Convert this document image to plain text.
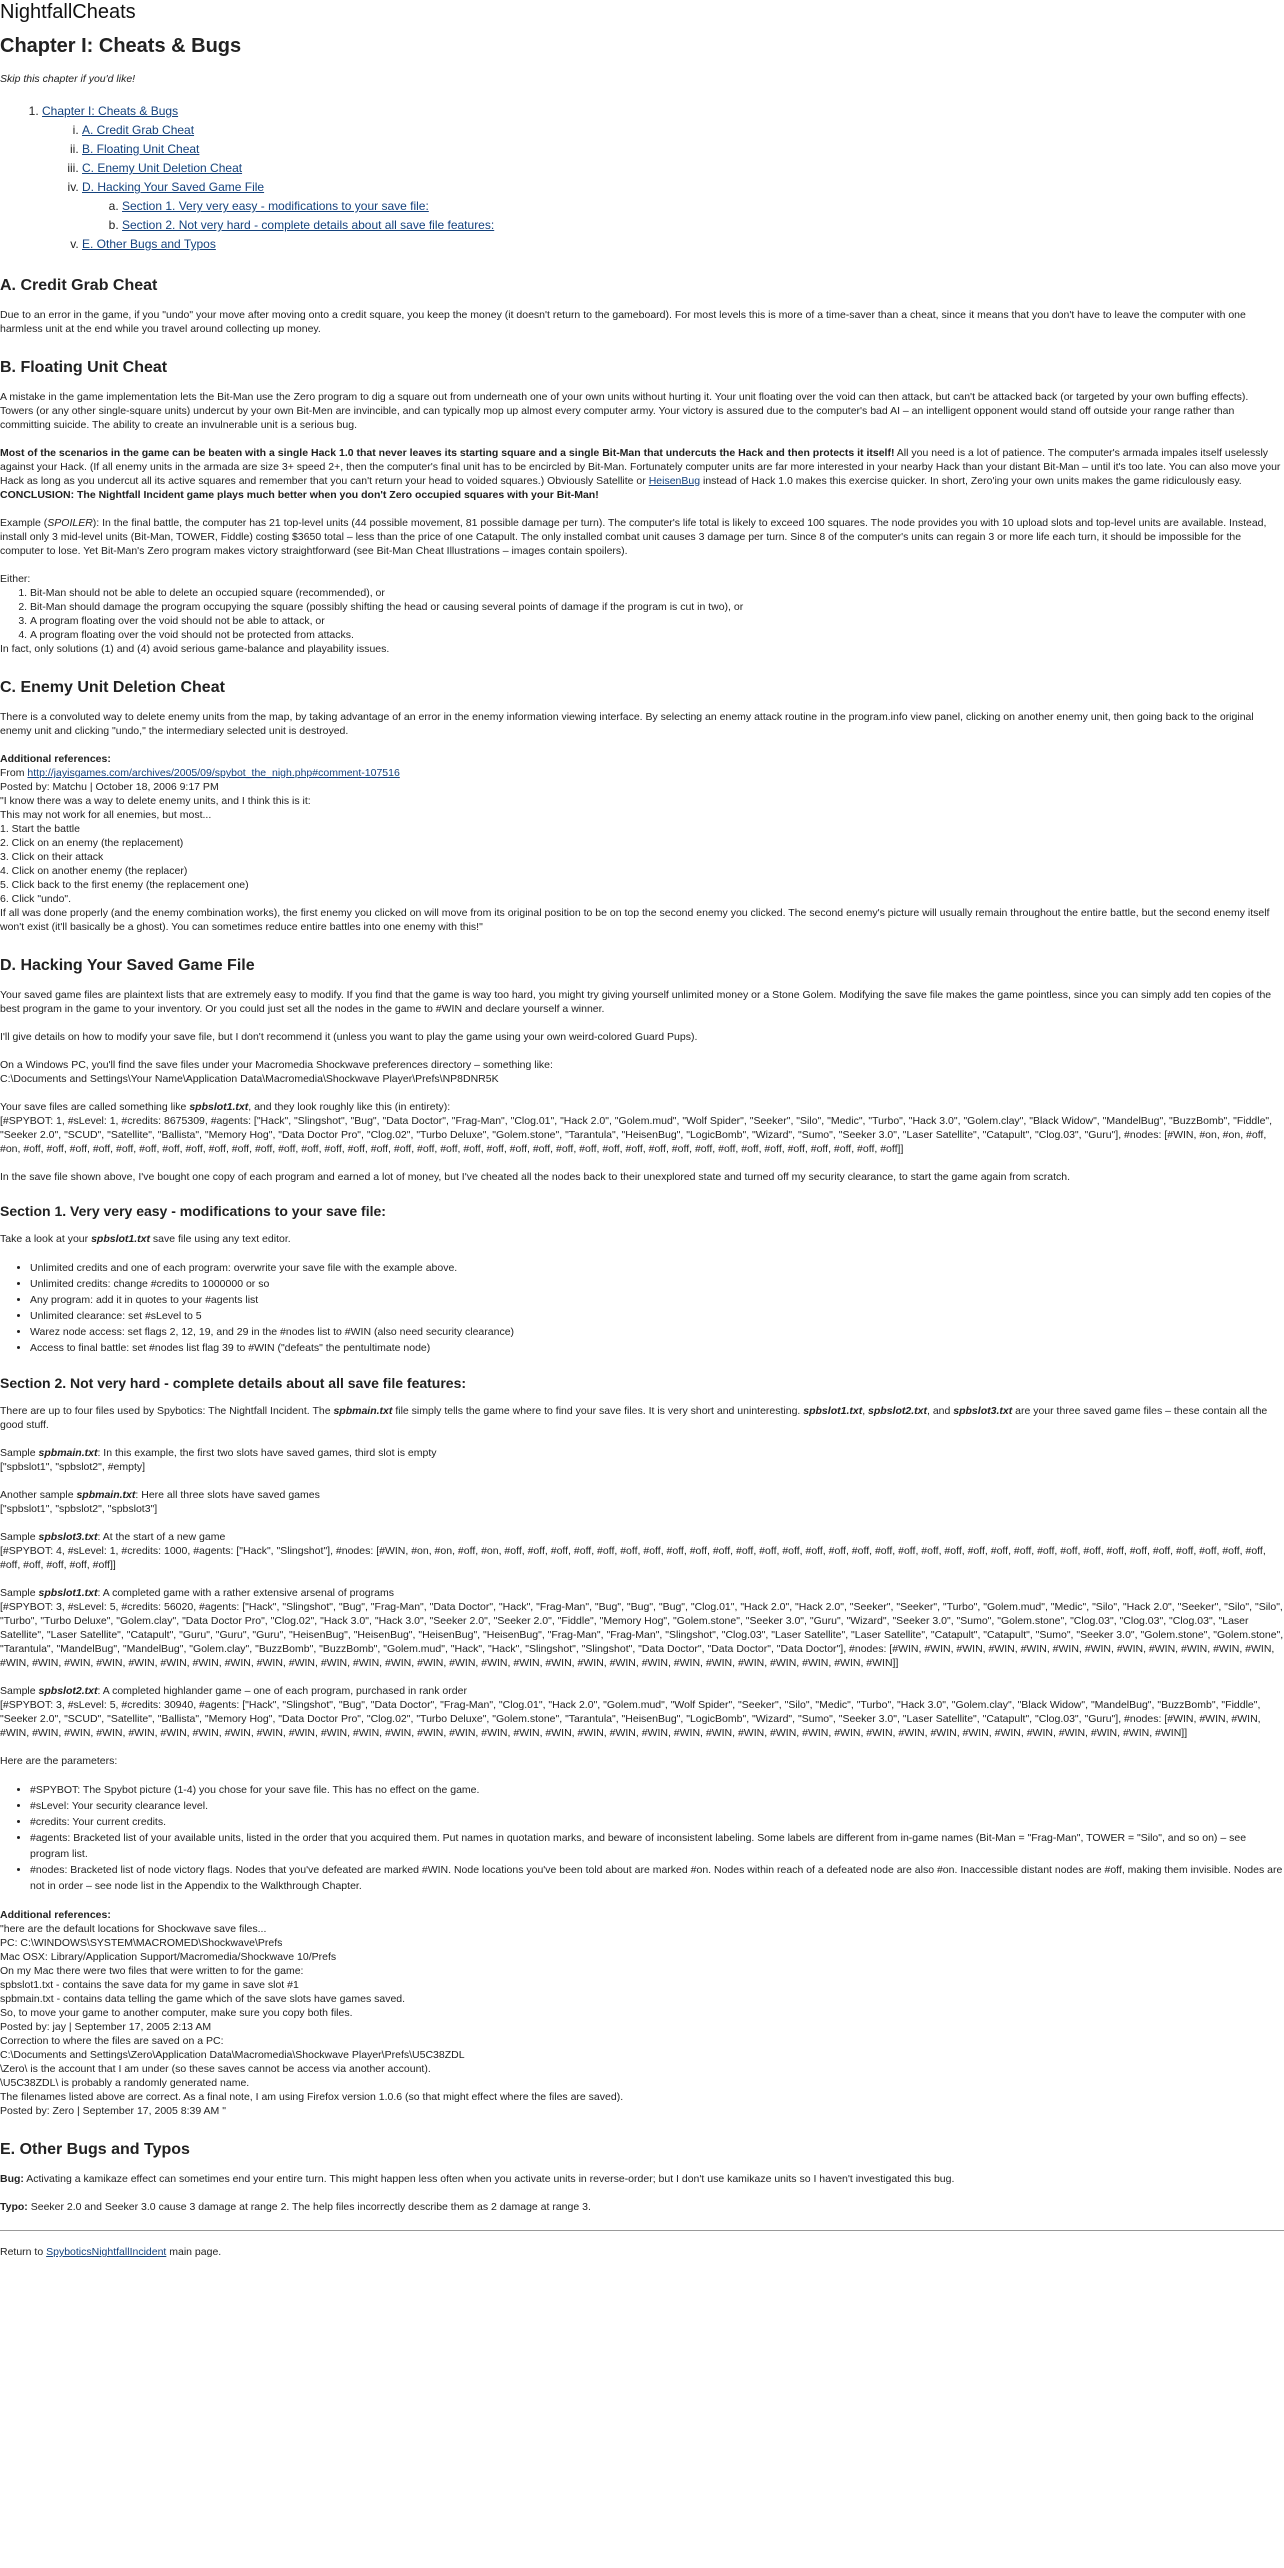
NightfallCheats
Chapter I: Cheats & Bugs

Skip this chapter if you'd like!

1. Chapter I: Cheats & Bugs
i. A. Credit Grab Cheat
ii. B. Floating Unit Cheat
iii. C. Enemy Unit Deletion Cheat
iv. D. Hacking Your Saved Game File
a. Section 1. Very very easy - modifications to your save file:
b. Section 2. Not very hard - complete details about all save file features:
v. E. Other Bugs and Typos
A. Credit Grab Cheat

Due to an error in the game, if you "undo" your move after moving onto a credit square, you keep the money (it doesn't return to the gameboard). For most levels this is more of a time-saver than a cheat, since it means that you don't have to leave the computer with one harmless unit at the end while you travel around collecting up money.

B. Floating Unit Cheat

A mistake in the game implementation lets the Bit-Man use the Zero program to dig a square out from underneath one of your own units without hurting it. Your unit floating over the void can then attack, but can't be attacked back (or targeted by your own buffing effects). Towers (or any other single-square units) undercut by your own Bit-Men are invincible, and can typically mop up almost every computer army. Your victory is assured due to the computer's bad AI – an intelligent opponent would stand off outside your range rather than committing suicide. The ability to create an invulnerable unit is a serious bug.

Most of the scenarios in the game can be beaten with a single Hack 1.0 that never leaves its starting square and a single Bit-Man that undercuts the Hack and then protects it itself! All you need is a lot of patience. The computer's armada impales itself uselessly against your Hack. (If all enemy units in the armada are size 3+ speed 2+, then the computer's final unit has to be encircled by Bit-Man. Fortunately computer units are far more interested in your nearby Hack than your distant Bit-Man – until it's too late. You can also move your Hack as long as you undercut all its active squares and remember that you can't return your head to voided squares.) Obviously Satellite or HeisenBug instead of Hack 1.0 makes this exercise quicker. In short, Zero'ing your own units makes the game ridiculously easy. CONCLUSION: The Nightfall Incident game plays much better when you don't Zero occupied squares with your Bit-Man!

Example (SPOILER): In the final battle, the computer has 21 top-level units (44 possible movement, 81 possible damage per turn). The computer's life total is likely to exceed 100 squares. The node provides you with 10 upload slots and top-level units are available. Instead, install only 3 mid-level units (Bit-Man, TOWER, Fiddle) costing $3650 total – less than the price of one Catapult. The only installed combat unit causes 3 damage per turn. Since 8 of the computer's units can regain 3 or more life each turn, it should be impossible for the computer to lose. Yet Bit-Man's Zero program makes victory straightforward (see Bit-Man Cheat Illustrations – images contain spoilers).

Either:
1. Bit-Man should not be able to delete an occupied square (recommended), or
2. Bit-Man should damage the program occupying the square (possibly shifting the head or causing several points of damage if the program is cut in two), or
3. A program floating over the void should not be able to attack, or
4. A program floating over the void should not be protected from attacks.
In fact, only solutions (1) and (4) avoid serious game-balance and playability issues.
C. Enemy Unit Deletion Cheat

There is a convoluted way to delete enemy units from the map, by taking advantage of an error in the enemy information viewing interface. By selecting an enemy attack routine in the program.info view panel, clicking on another enemy unit, then going back to the original enemy unit and clicking "undo," the intermediary selected unit is destroyed.

Additional references:
From http://jayisgames.com/archives/2005/09/spybot_the_nigh.php#comment-107516
Posted by: Matchu | October 18, 2006 9:17 PM
"I know there was a way to delete enemy units, and I think this is it:
This may not work for all enemies, but most...
1. Start the battle
2. Click on an enemy (the replacement)
3. Click on their attack
4. Click on another enemy (the replacer)
5. Click back to the first enemy (the replacement one)
6. Click "undo".
If all was done properly (and the enemy combination works), the first enemy you clicked on will move from its original position to be on top the second enemy you clicked. The second enemy's picture will usually remain throughout the entire battle, but the second enemy itself won't exist (it'll basically be a ghost). You can sometimes reduce entire battles into one enemy with this!"
D. Hacking Your Saved Game File

Your saved game files are plaintext lists that are extremely easy to modify. If you find that the game is way too hard, you might try giving yourself unlimited money or a Stone Golem. Modifying the save file makes the game pointless, since you can simply add ten copies of the best program in the game to your inventory. Or you could just set all the nodes in the game to #WIN and declare yourself a winner.

I'll give details on how to modify your save file, but I don't recommend it (unless you want to play the game using your own weird-colored Guard Pups).

On a Windows PC, you'll find the save files under your Macromedia Shockwave preferences directory – something like:
C:\Documents and Settings\Your Name\Application Data\Macromedia\Shockwave Player\Prefs\NP8DNR5K
Your save files are called something like spbslot1.txt, and they look roughly like this (in entirety):
[#SPYBOT: 1, #sLevel: 1, #credits: 8675309, #agents: ["Hack", "Slingshot", "Bug", "Data Doctor", "Frag-Man", "Clog.01", "Hack 2.0", "Golem.mud", "Wolf Spider", "Seeker", "Silo", "Medic", "Turbo", "Hack 3.0", "Golem.clay", "Black Widow", "MandelBug", "BuzzBomb", "Fiddle", "Seeker 2.0", "SCUD", "Satellite", "Ballista", "Memory Hog", "Data Doctor Pro", "Clog.02", "Turbo Deluxe", "Golem.stone", "Tarantula", "HeisenBug", "LogicBomb", "Wizard", "Sumo", "Seeker 3.0", "Laser Satellite", "Catapult", "Clog.03", "Guru"], #nodes: [#WIN, #on, #on, #off, #on, #off, #off, #off, #off, #off, #off, #off, #off, #off, #off, #off, #off, #off, #off, #off, #off, #off, #off, #off, #off, #off, #off, #off, #off, #off, #off, #off, #off, #off, #off, #off, #off, #off, #off, #off, #off, #off, #off]]

In the save file shown above, I've bought one copy of each program and earned a lot of money, but I've cheated all the nodes back to their unexplored state and turned off my security clearance, to start the game again from scratch.

Section 1. Very very easy - modifications to your save file:

Take a look at your spbslot1.txt save file using any text editor.

• Unlimited credits and one of each program: overwrite your save file with the example above.
• Unlimited credits: change #credits to 1000000 or so
• Any program: add it in quotes to your #agents list
• Unlimited clearance: set #sLevel to 5
• Warez node access: set flags 2, 12, 19, and 29 in the #nodes list to #WIN (also need security clearance)
• Access to final battle: set #nodes list flag 39 to #WIN ("defeats" the pentultimate node)
Section 2. Not very hard - complete details about all save file features:

There are up to four files used by Spybotics: The Nightfall Incident. The spbmain.txt file simply tells the game where to find your save files. It is very short and uninteresting. spbslot1.txt, spbslot2.txt, and spbslot3.txt are your three saved game files – these contain all the good stuff.

Sample spbmain.txt: In this example, the first two slots have saved games, third slot is empty
["spbslot1", "spbslot2", #empty]
Another sample spbmain.txt: Here all three slots have saved games
["spbslot1", "spbslot2", "spbslot3"]
Sample spbslot3.txt: At the start of a new game
[#SPYBOT: 4, #sLevel: 1, #credits: 1000, #agents: ["Hack", "Slingshot"], #nodes: [#WIN, #on, #on, #off, #on, #off, #off, #off, #off, #off, #off, #off, #off, #off, #off, #off, #off, #off, #off, #off, #off, #off, #off, #off, #off, #off, #off, #off, #off, #off, #off, #off, #off, #off, #off, #off, #off, #off, #off, #off, #off, #off, #off]]
Sample spbslot1.txt: A completed game with a rather extensive arsenal of programs
[#SPYBOT: 3, #sLevel: 5, #credits: 56020, #agents: ["Hack", "Slingshot", "Bug", "Frag-Man", "Data Doctor", "Hack", "Frag-Man", "Bug", "Bug", "Bug", "Clog.01", "Hack 2.0", "Hack 2.0", "Seeker", "Seeker", "Turbo", "Golem.mud", "Medic", "Silo", "Hack 2.0", "Seeker", "Silo", "Silo", "Turbo", "Turbo Deluxe", "Golem.clay", "Data Doctor Pro", "Clog.02", "Hack 3.0", "Hack 3.0", "Seeker 2.0", "Seeker 2.0", "Fiddle", "Memory Hog", "Golem.stone", "Seeker 3.0", "Guru", "Wizard", "Seeker 3.0", "Sumo", "Golem.stone", "Clog.03", "Clog.03", "Clog.03", "Laser Satellite", "Laser Satellite", "Catapult", "Guru", "Guru", "Guru", "HeisenBug", "HeisenBug", "HeisenBug", "HeisenBug", "Frag-Man", "Frag-Man", "Slingshot", "Clog.03", "Laser Satellite", "Laser Satellite", "Catapult", "Catapult", "Sumo", "Seeker 3.0", "Golem.stone", "Golem.stone", "Tarantula", "MandelBug", "MandelBug", "Golem.clay", "BuzzBomb", "BuzzBomb", "Golem.mud", "Hack", "Hack", "Slingshot", "Slingshot", "Data Doctor", "Data Doctor", "Data Doctor"], #nodes: [#WIN, #WIN, #WIN, #WIN, #WIN, #WIN, #WIN, #WIN, #WIN, #WIN, #WIN, #WIN, #WIN, #WIN, #WIN, #WIN, #WIN, #WIN, #WIN, #WIN, #WIN, #WIN, #WIN, #WIN, #WIN, #WIN, #WIN, #WIN, #WIN, #WIN, #WIN, #WIN, #WIN, #WIN, #WIN, #WIN, #WIN, #WIN, #WIN, #WIN]]
Sample spbslot2.txt: A completed highlander game – one of each program, purchased in rank order
[#SPYBOT: 3, #sLevel: 5, #credits: 30940, #agents: ["Hack", "Slingshot", "Bug", "Data Doctor", "Frag-Man", "Clog.01", "Hack 2.0", "Golem.mud", "Wolf Spider", "Seeker", "Silo", "Medic", "Turbo", "Hack 3.0", "Golem.clay", "Black Widow", "MandelBug", "BuzzBomb", "Fiddle", "Seeker 2.0", "SCUD", "Satellite", "Ballista", "Memory Hog", "Data Doctor Pro", "Clog.02", "Turbo Deluxe", "Golem.stone", "Tarantula", "HeisenBug", "LogicBomb", "Wizard", "Sumo", "Seeker 3.0", "Laser Satellite", "Catapult", "Clog.03", "Guru"], #nodes: [#WIN, #WIN, #WIN, #WIN, #WIN, #WIN, #WIN, #WIN, #WIN, #WIN, #WIN, #WIN, #WIN, #WIN, #WIN, #WIN, #WIN, #WIN, #WIN, #WIN, #WIN, #WIN, #WIN, #WIN, #WIN, #WIN, #WIN, #WIN, #WIN, #WIN, #WIN, #WIN, #WIN, #WIN, #WIN, #WIN, #WIN, #WIN, #WIN, #WIN]]

Here are the parameters:

• #SPYBOT: The Spybot picture (1-4) you chose for your save file. This has no effect on the game.
• #sLevel: Your security clearance level.
• #credits: Your current credits.
• #agents: Bracketed list of your available units, listed in the order that you acquired them. Put names in quotation marks, and beware of inconsistent labeling. Some labels are different from in-game names (Bit-Man = "Frag-Man", TOWER = "Silo", and so on) – see program list.
• #nodes: Bracketed list of node victory flags. Nodes that you've defeated are marked #WIN. Node locations you've been told about are marked #on. Nodes within reach of a defeated node are also #on. Inaccessible distant nodes are #off, making them invisible. Nodes are not in order – see node list in the Appendix to the Walkthrough Chapter.
Additional references:
"here are the default locations for Shockwave save files...
PC: C:\WINDOWS\SYSTEM\MACROMED\Shockwave\Prefs
Mac OSX: Library/Application Support/Macromedia/Shockwave 10/Prefs
On my Mac there were two files that were written to for the game:
spbslot1.txt - contains the save data for my game in save slot #1
spbmain.txt - contains data telling the game which of the save slots have games saved.
So, to move your game to another computer, make sure you copy both files.
Posted by: jay | September 17, 2005 2:13 AM
Correction to where the files are saved on a PC:
C:\Documents and Settings\Zero\Application Data\Macromedia\Shockwave Player\Prefs\U5C38ZDL
\Zero\ is the account that I am under (so these saves cannot be access via another account).
\U5C38ZDL\ is probably a randomly generated name.
The filenames listed above are correct. As a final note, I am using Firefox version 1.0.6 (so that might effect where the files are saved).
Posted by: Zero | September 17, 2005 8:39 AM "
E. Other Bugs and Typos

Bug: Activating a kamikaze effect can sometimes end your entire turn. This might happen less often when you activate units in reverse-order; but I don't use kamikaze units so I haven't investigated this bug.

Typo: Seeker 2.0 and Seeker 3.0 cause 3 damage at range 2. The help files incorrectly describe them as 2 damage at range 3.

Return to SpyboticsNightfallIncident main page.
